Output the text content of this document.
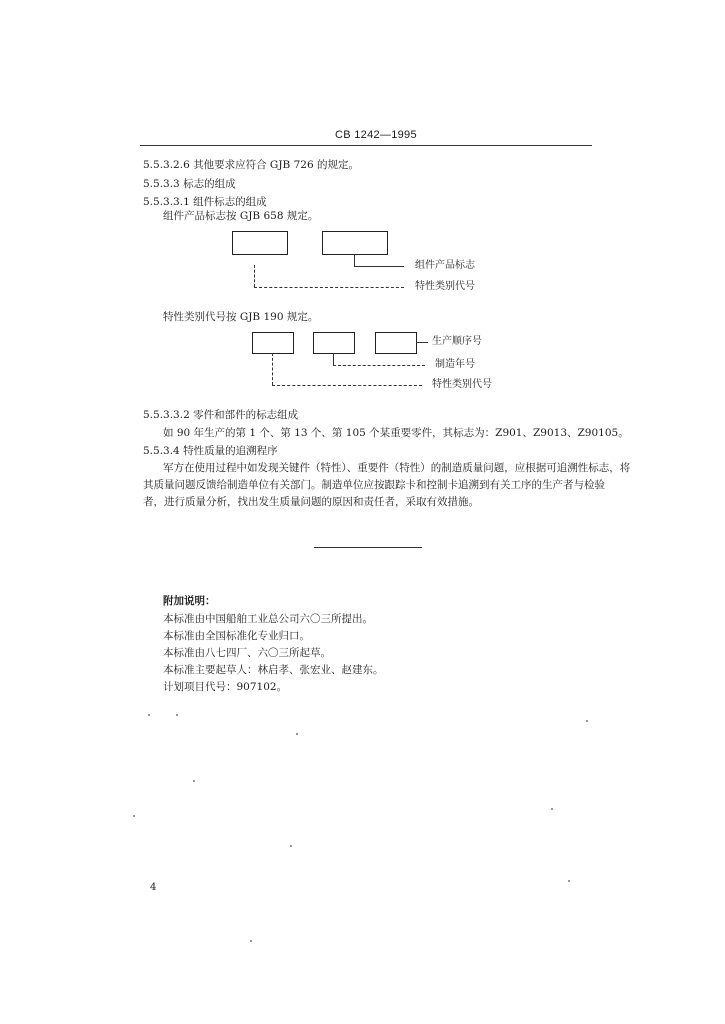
CB 1242—1995
5.5.3.2.6 其他要求应符合 GJB 726 的规定。
5.5.3.3 标志的组成
5.5.3.3.1 组件标志的组成
组件产品标志按 GJB 658 规定。
组件产品标志
特性类别代号
特性类别代号按 GJB 190 规定。
生产顺序号
制造年号
特性类别代号
5.5.3.3.2 零件和部件的标志组成
如 90 年生产的第 1 个、第 13 个、第 105 个某重要零件，其标志为：Z901、Z9013、Z90105。
5.5.3.4 特性质量的追溯程序
军方在使用过程中如发现关键件（特性）、重要件（特性）的制造质量问题，应根据可追溯性标志，将
其质量问题反馈给制造单位有关部门。制造单位应按跟踪卡和控制卡追溯到有关工序的生产者与检验
者，进行质量分析，找出发生质量问题的原因和责任者，采取有效措施。
附加说明：
本标准由中国船舶工业总公司六〇三所提出。
本标准由全国标准化专业归口。
本标准由八七四厂、六〇三所起草。
本标准主要起草人：林启孝、张宏业、赵建东。
计划项目代号：907102。
4
